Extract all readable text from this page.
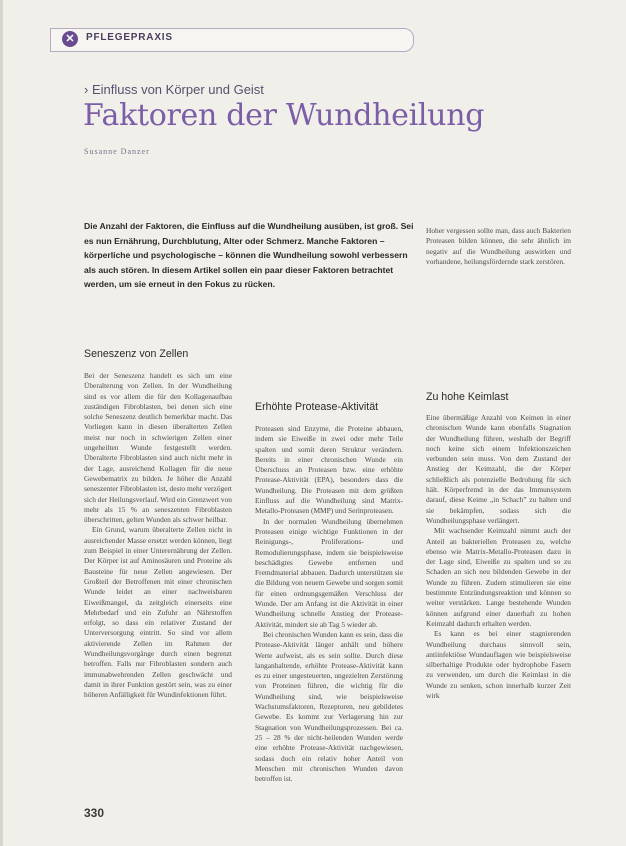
✕	PFLEGEPRAXIS
› Einfluss von Körper und Geist
Faktoren der Wundheilung
Susanne Danzer
Die Anzahl der Faktoren, die Einfluss auf die Wundheilung ausüben, ist groß. Sei es nun Ernährung, Durchblutung, Alter oder Schmerz. Manche Faktoren – körperliche und psychologische – können die Wundheilung sowohl verbessern als auch stören. In diesem Artikel sollen ein paar dieser Faktoren betrachtet werden, um sie erneut in den Fokus zu rücken.
Seneszenz von Zellen

Bei der Seneszenz handelt es sich um eine Überalterung von Zellen. In der Wundheilung sind es vor allem die für den Kollagenaufbau zuständigen Fibroblasten, bei denen sich eine solche Seneszenz deutlich bemerkbar macht. Das Vorliegen kann in diesen überalterten Zellen meist nur noch in schwierigen Zellen einer ungeheilten Wunde festgestellt werden. Überalterte Fibroblasten sind auch nicht mehr in der Lage, ausreichend Kollagen für die neue Gewebematrix zu bilden. Je höher die Anzahl seneszenter Fibroblasten ist, desto mehr verzögert sich der Heilungsverlauf. Wird ein Grenzwert von mehr als 15 % an seneszenten Fibroblasten überschritten, gelten Wunden als schwer heilbar.

Ein Grund, warum überalterte Zellen nicht in ausreichender Masse ersetzt werden können, liegt zum Beispiel in einer Unterernährung der Zellen. Der Körper ist auf Aminosäuren und Proteine als Bausteine für neue Zellen angewiesen. Der Großteil der Betroffenen mit einer chronischen Wunde leidet an einer nachweisbaren Eiweißmangel, da zeitgleich einerseits eine Mehrbedarf und ein Zufuhr an Nährstoffen erfolgt, so dass ein relativer Zustand der Unterversorgung eintritt. So sind vor allem aktivierende Zellen im Rahmen der Wundheilungsvorgänge durch einen begrenzt betroffen. Falls nur Fibroblasten sondern auch immunabwehrenden Zellen geschwächt und damit in ihrer Funktion gestört sein, was zu einer höheren Anfälligkeit für Wundinfektionen führt.

Erhöhte Protease-Aktivität

Proteasen sind Enzyme, die Proteine abbauen, indem sie Eiweiße in zwei oder mehr Teile spalten und somit deren Struktur verändern. Bereits in einer chronischen Wunde ein Überschuss an Proteasen bzw. eine erhöhte Protease-Aktivität (EPA), besonders dass die Wundheilung. Die Proteasen mit dem größten Einfluss auf die Wundheilung sind Matrix-Metallo-Proteasen (MMP) und Serinproteasen.

In der normalen Wundheilung übernehmen Proteasen einige wichtige Funktionen in der Reinigungs-, Proliferations- und Remodulierungsphase, indem sie beispielsweise beschädigtes Gewebe entfernen und Fremdmaterial abbauen. Dadurch unterstützen sie die Bildung von neuem Gewebe und sorgen somit für einen ordnungsgemäßen Verschluss der Wunde. Der am Anfang ist die Aktivität in einer Wundheilung schnelle Anstieg der Protease-Aktivität, mindert sie ab Tag 5 wieder ab.

Bei chronischen Wunden kann es sein, dass die Protease-Aktivität länger anhält und höhere Werte aufweist, als es sein sollte. Durch diese langanhaltende, erhöhte Protease-Aktivität kann es zu einer ungesteuerten, ungezielten Zerstörung von Proteinen führen, die wichtig für die Wundheilung sind, wie beispielsweise Wachstumsfaktoren, Rezeptoren, neu gebildetes Gewebe. Es kommt zur Verlagerung hin zur Stagnation von Wundheilungsprozessen. Bei ca. 25 – 28 % der nicht-heilenden Wunden werde eine erhöhte Protease-Aktivität nachgewiesen, sodass doch ein relativ hoher Anteil von Menschen mit chronischen Wunden davon betroffen ist.

Hoher vergessen sollte man, dass auch Bakterien Proteasen bilden können, die sehr ähnlich im negativ auf die Wundheilung auswirken und vorhandene, heilungsfördernde stark zerstören.

Zu hohe Keimlast

Eine übermäßige Anzahl von Keimen in einer chronischen Wunde kann ebenfalls Stagnation der Wundheilung führen, weshalb der Begriff noch keine sich einem Infektionszeichen verbunden sein muss. Von dem Zustand der Anstieg der Keimzahl, die der Körper schließlich als potenzielle Bedrohung für sich hält. Körperfremd in der das Immunsystem darauf, diese Keime „in Schach” zu halten und sie bekämpfen, sodass sich die Wundheilungsphase verlängert.

Mit wachsender Keimzahl nimmt auch der Anteil an bakteriellen Proteasen zu, welche ebenso wie Matrix-Metallo-Proteasen dazu in der Lage sind, Eiweiße zu spalten und so zu Schaden an sich neu bildenden Gewebe in der Wunde zu führen. Zudem stimulieren sie eine bestimmte Entzündungsreaktion und können so weiter verstärken. Lange bestehende Wunden können aufgrund einer dauerhaft zu hohen Keimzahl dadurch erhalten werden.

Es kann es bei einer stagnierenden Wundheilung durchaus sinnvoll sein, antiinfektiöse Wundauflagen wie beispielsweise silberhaltige Produkte oder hydrophobe Fasern zu verwenden, um durch die Keimlast in die Wunde zu senken, schon innerhalb kurzer Zeit wirk

330
